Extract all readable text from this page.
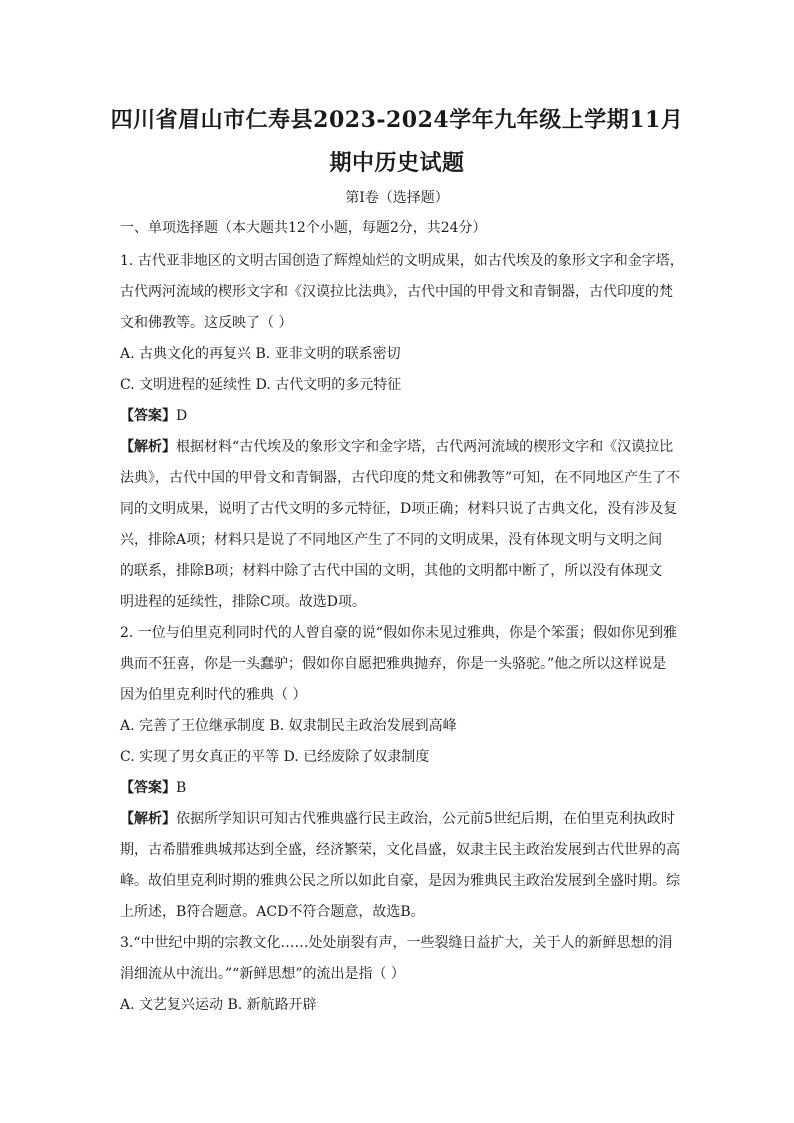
四川省眉山市仁寿县2023-2024学年九年级上学期11月
期中历史试题
第I卷（选择题）
一、单项选择题（本大题共12个小题，每题2分，共24分）
1. 古代亚非地区的文明古国创造了辉煌灿烂的文明成果，如古代埃及的象形文字和金字塔，
古代两河流域的楔形文字和《汉谟拉比法典》，古代中国的甲骨文和青铜器，古代印度的梵
文和佛教等。这反映了（ ）
A. 古典文化的再复兴 B. 亚非文明的联系密切
C. 文明进程的延续性 D. 古代文明的多元特征
【答案】D
【解析】根据材料“古代埃及的象形文字和金字塔，古代两河流域的楔形文字和《汉谟拉比
法典》，古代中国的甲骨文和青铜器，古代印度的梵文和佛教等”可知，在不同地区产生了不
同的文明成果，说明了古代文明的多元特征，D项正确；材料只说了古典文化，没有涉及复
兴，排除A项；材料只是说了不同地区产生了不同的文明成果，没有体现文明与文明之间
的联系，排除B项；材料中除了古代中国的文明，其他的文明都中断了，所以没有体现文
明进程的延续性，排除C项。故选D项。
2. 一位与伯里克利同时代的人曾自豪的说“假如你未见过雅典，你是个笨蛋；假如你见到雅
典而不狂喜，你是一头蠢驴；假如你自愿把雅典抛弃，你是一头骆驼。”他之所以这样说是
因为伯里克利时代的雅典（ ）
A. 完善了王位继承制度 B. 奴隶制民主政治发展到高峰
C. 实现了男女真正的平等 D. 已经废除了奴隶制度
【答案】B
【解析】依据所学知识可知古代雅典盛行民主政治，公元前5世纪后期，在伯里克利执政时
期，古希腊雅典城邦达到全盛，经济繁荣，文化昌盛，奴隶主民主政治发展到古代世界的高
峰。故伯里克利时期的雅典公民之所以如此自豪，是因为雅典民主政治发展到全盛时期。综
上所述，B符合题意。ACD不符合题意，故选B。
3.“中世纪中期的宗教文化……处处崩裂有声，一些裂缝日益扩大，关于人的新鲜思想的涓
涓细流从中流出。”“新鲜思想”的流出是指（ ）
A. 文艺复兴运动 B. 新航路开辟
